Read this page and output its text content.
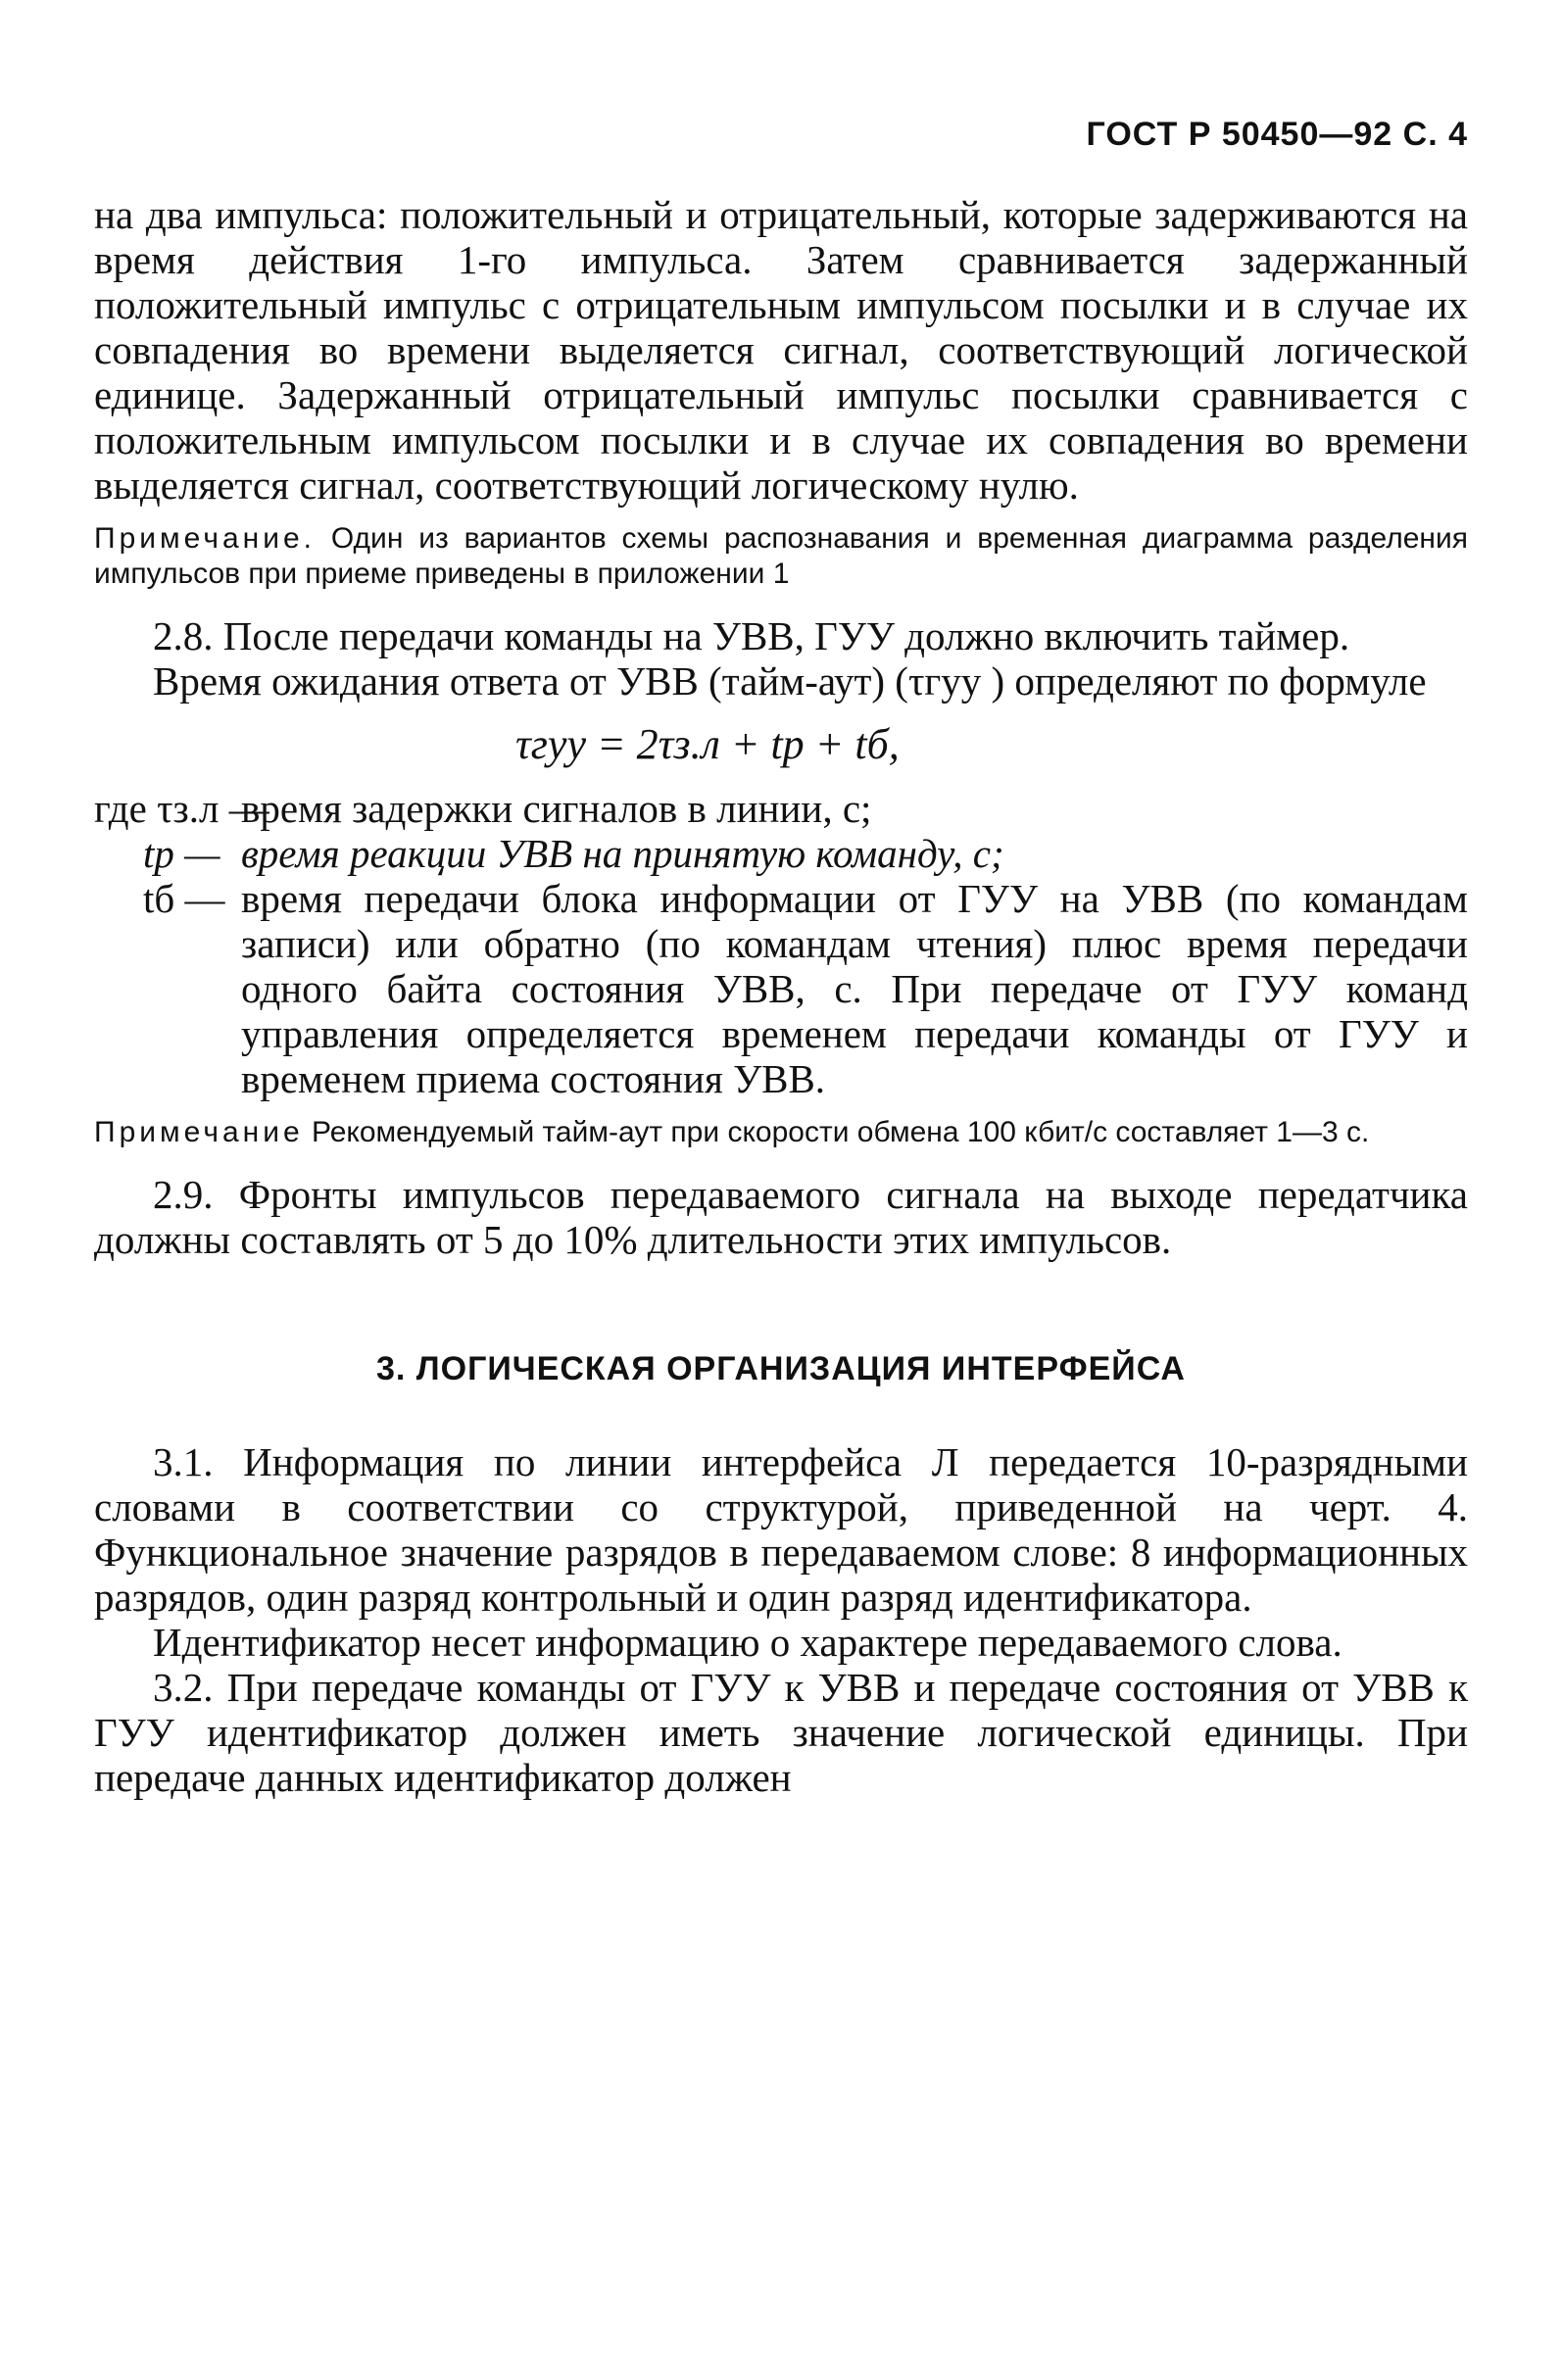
ГОСТ Р 50450—92 С. 4

на два импульса: положительный и отрицательный, которые задерживаются на время действия 1-го импульса. Затем сравнивается задержанный положительный импульс с отрицательным импульсом посылки и в случае их совпадения во времени выделяется сигнал, соответствующий логической единице. Задержанный отрицательный импульс посылки сравнивается с положительным импульсом посылки и в случае их совпадения во времени выделяется сигнал, соответствующий логическому нулю.

Примечание. Один из вариантов схемы распознавания и временная диаграмма разделения импульсов при приеме приведены в приложении 1

2.8. После передачи команды на УВВ, ГУУ должно включить таймер.

Время ожидания ответа от УВВ (тайм-аут) (τгуу ) определяют по формуле

τгуу = 2τз.л + tр + tб,
где τз.л —
время задержки сигналов в линии, с;
tр — время реакции УВВ на принятую команду, с;
tб — время передачи блока информации от ГУУ на УВВ (по командам записи) или обратно (по командам чтения) плюс время передачи одного байта состояния УВВ, с. При передаче от ГУУ команд управления определяется временем передачи команды от ГУУ и временем приема состояния УВВ.

Примечание Рекомендуемый тайм-аут при скорости обмена 100 кбит/с составляет 1—3 с.

2.9. Фронты импульсов передаваемого сигнала на выходе передатчика должны составлять от 5 до 10% длительности этих импульсов.

3. ЛОГИЧЕСКАЯ ОРГАНИЗАЦИЯ ИНТЕРФЕЙСА

3.1. Информация по линии интерфейса Л передается 10-разрядными словами в соответствии со структурой, приведенной на черт. 4. Функциональное значение разрядов в передаваемом слове: 8 информационных разрядов, один разряд контрольный и один разряд идентификатора.

Идентификатор несет информацию о характере передаваемого слова.

3.2. При передаче команды от ГУУ к УВВ и передаче состояния от УВВ к ГУУ идентификатор должен иметь значение логической единицы. При передаче данных идентификатор должен
